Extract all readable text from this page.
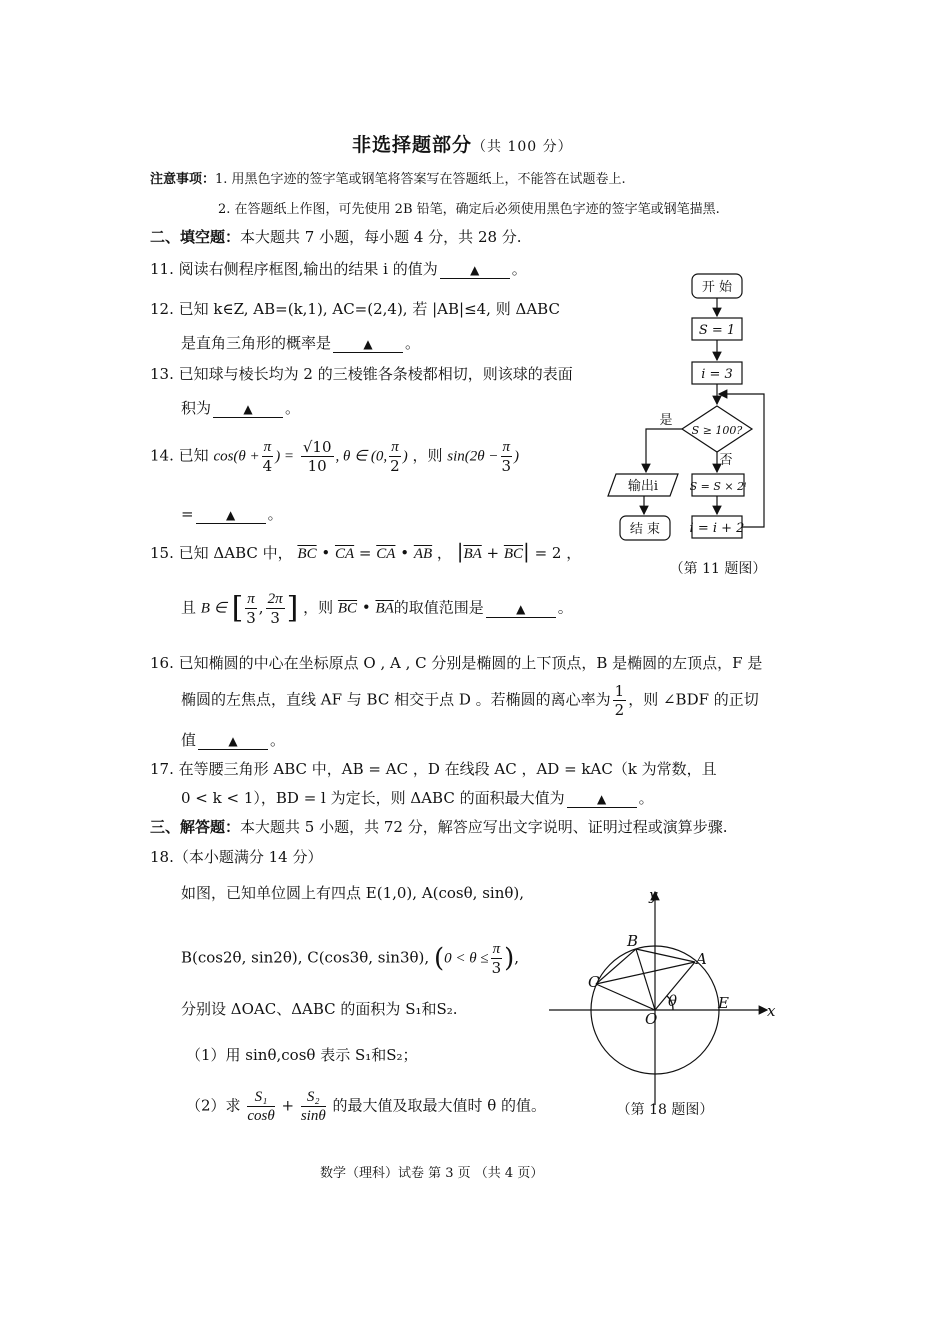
非选择题部分（共 100 分）
注意事项：1. 用黑色字迹的签字笔或钢笔将答案写在答题纸上，不能答在试题卷上.
2. 在答题纸上作图，可先使用 2B 铅笔，确定后必须使用黑色字迹的签字笔或钢笔描黑.
二、填空题：本大题共 7 小题，每小题 4 分，共 28 分.
11. 阅读右侧程序框图,输出的结果 i 的值为	▲ 。
12. 已知 k∈Z, AB=(k,1), AC=(2,4), 若 |AB|≤4, 则 ΔABC
是直角三角形的概率是	▲ 。
13. 已知球与棱长均为 2 的三棱锥各条棱都相切，则该球的表面
积为	▲ 。
14. 已知 $\cos(\theta + \frac{\pi}{4}$ ) = $\frac{√10}{10}$ , θ ∈ (0, $\frac{\pi}{2}$ ) ，则 $\sin(2\theta - \frac{\pi}{3}$ )
=	▲ 。
15. 已知 ΔABC 中， $\overline{BC}$ • $\overline{CA} = \overline{CA}$ • $\overline{AB}$ ， $|\overline{BA} + \overline{BC}| = 2$ ，
且 B ∈ [ $\frac{\pi}{3}$ , $\frac{2\pi}{3}$ ] ，则 $\overline{BC}$ • $\overline{BA}$的取值范围是	▲ 。
16. 已知椭圆的中心在坐标原点 O , A , C 分别是椭圆的上下顶点，B 是椭圆的左顶点，F 是
椭圆的左焦点，直线 AF 与 BC 相交于点 D 。若椭圆的离心率为 $\frac{1}{2}$ ，则 ∠BDF 的正切
值	▲ 。
17. 在等腰三角形 ABC 中，AB = AC ，D 在线段 AC ，AD = kAC（k 为常数，且
0 < k < 1），BD = l 为定长，则 ΔABC 的面积最大值为	▲ 。
三、解答题：本大题共 5 小题，共 72 分，解答应写出文字说明、证明过程或演算步骤.
18.（本小题满分 14 分）
如图，已知单位圆上有四点 E(1,0), A(cosθ, sinθ),
B(cos2θ, sin2θ), C(cos3θ, sin3θ), ($0 < \theta \le \frac{\pi}{3}$ ),
分别设 ΔOAC、ΔABC 的面积为 S₁和S₂.
（1）用 sinθ,cosθ 表示 S₁和S₂；
（2）求 $\frac{\text{S₁}}{\cos\theta} + \frac{\text{S₂}}{\sin\theta}$ 的最大值及取最大值时 θ 的值。
开 始
S = 1
i = 3
S ≥ 100?
是
否
S = S × 2ⁱ
输出i
结 束 i = i + 2
（第 11 题图）
y
x
B
A
C
O
E
θ
（第 18 题图）
数学（理科）试卷 第 3 页 （共 4 页）
